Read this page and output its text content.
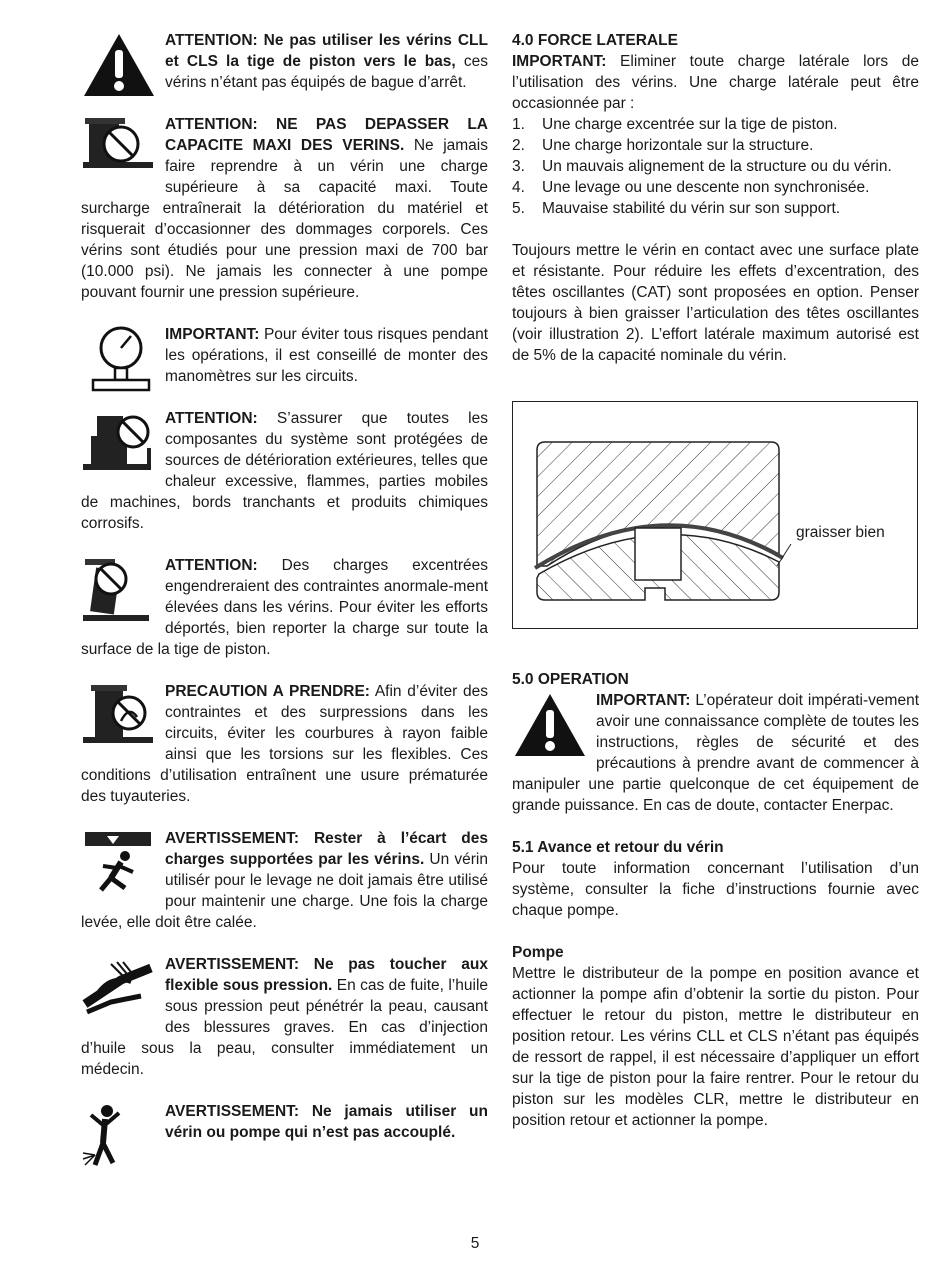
ATTENTION: Ne pas utiliser les vérins CLL et CLS la tige de piston vers le bas, ces vérins n’étant pas équipés de bague d’arrêt.

ATTENTION: NE PAS DEPASSER LA CAPACITE MAXI DES VERINS. Ne jamais faire reprendre à un vérin une charge supérieure à sa capacité maxi. Toute surcharge entraînerait la détérioration du matériel et risquerait d’occasionner des dommages corporels. Ces vérins sont étudiés pour une pression maxi de 700 bar (10.000 psi). Ne jamais les connecter à une pompe pouvant fournir une pression supérieure.

IMPORTANT: Pour éviter tous risques pendant les opérations, il est conseillé de monter des manomètres sur les circuits.

ATTENTION: S’assurer que toutes les composantes du système sont protégées de sources de détérioration extérieures, telles que chaleur excessive, flammes, parties mobiles de machines, bords tranchants et produits chimiques corrosifs.

ATTENTION: Des charges excentrées engendreraient des contraintes anormale-ment élevées dans les vérins. Pour éviter les efforts déportés, bien reporter la charge sur toute la surface de la tige de piston.

PRECAUTION A PRENDRE: Afin d’éviter des contraintes et des surpressions dans les circuits, éviter les courbures à rayon faible ainsi que les torsions sur les flexibles. Ces conditions d’utilisation entraînent une usure prématurée des tuyauteries.

AVERTISSEMENT: Rester à l’écart des charges supportées par les vérins. Un vérin utilisér pour le levage ne doit jamais être utilisé pour maintenir une charge. Une fois la charge levée, elle doit être calée.

AVERTISSEMENT: Ne pas toucher aux flexible sous pression. En cas de fuite, l’huile sous pression peut pénétrér la peau, causant des blessures graves. En cas d’injection d’huile sous la peau, consulter immédiatement un médecin.

AVERTISSEMENT: Ne jamais utiliser un vérin ou pompe qui n’est pas accouplé.

4.0 FORCE LATERALE

IMPORTANT: Eliminer toute charge latérale lors de l’utilisation des vérins. Une charge latérale peut être occasionnée par :

1. Une charge excentrée sur la tige de piston.
2. Une charge horizontale sur la structure.
3. Un mauvais alignement de la structure ou du vérin.
4. Une levage ou une descente non synchronisée.
5. Mauvaise stabilité du vérin sur son support.

Toujours mettre le vérin en contact avec une surface plate et résistante. Pour réduire les effets d’excentration, des têtes oscillantes (CAT) sont proposées en option. Penser toujours à bien graisser l’articulation des têtes oscillantes (voir illustration 2). L’effort latérale maximum autorisé est de 5% de la capacité nominale du vérin.

graisser bien
5.0 OPERATION

IMPORTANT: L’opérateur doit impérati-vement avoir une connaissance complète de toutes les instructions, règles de sécurité et des précautions à prendre avant de commencer à manipuler une partie quelconque de cet équipement de grande puissance. En cas de doute, contacter Enerpac.

5.1 Avance et retour du vérin

Pour toute information concernant l’utilisation d’un système, consulter la fiche d’instructions fournie avec chaque pompe.

Pompe

Mettre le distributeur de la pompe en position avance et actionner la pompe afin d’obtenir la sortie du piston. Pour effectuer le retour du piston, mettre le distributeur en position retour. Les vérins CLL et CLS n’étant pas équipés de ressort de rappel, il est nécessaire d’appliquer un effort sur la tige de piston pour la faire rentrer. Pour le retour du piston sur les modèles CLR, mettre le distributeur en position retour et actionner la pompe.

5
